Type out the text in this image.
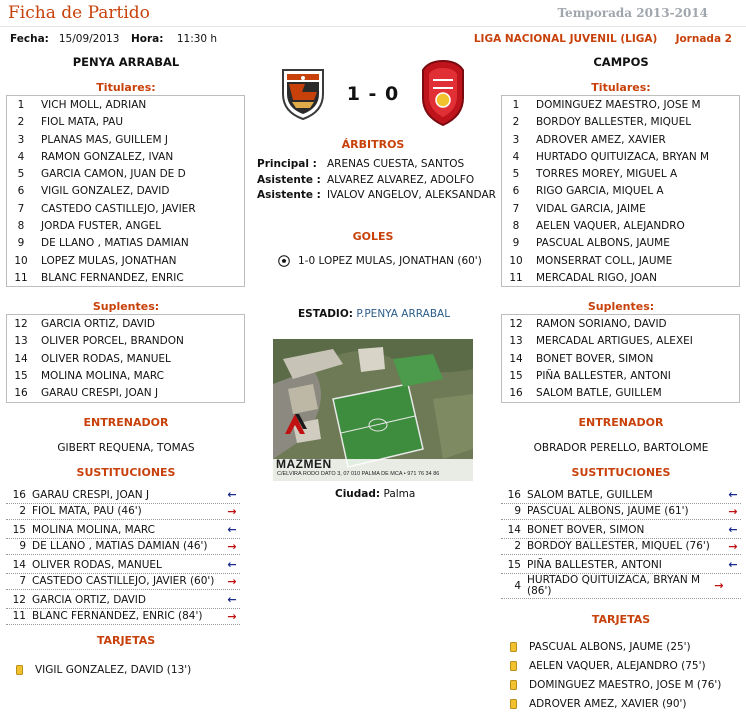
Ficha de Partido	Temporada 2013-2014
Fecha: 15/09/2013 Hora: 11:30 h	LIGA NACIONAL JUVENIL (LIGA) Jornada 2
PENYA ARRABAL	CAMPOS
1 - 0
Titulares:
1	VICH MOLL, ADRIAN
2	FIOL MATA, PAU
3	PLANAS MAS, GUILLEM J
4	RAMON GONZALEZ, IVAN
5	GARCIA CAMON, JUAN DE D
6	VIGIL GONZALEZ, DAVID
7	CASTEDO CASTILLEJO, JAVIER
8	JORDA FUSTER, ANGEL
9	DE LLANO , MATIAS DAMIAN
10	LOPEZ MULAS, JONATHAN
11	BLANC FERNANDEZ, ENRIC
Titulares:
1	DOMINGUEZ MAESTRO, JOSE M
2	BORDOY BALLESTER, MIQUEL
3	ADROVER AMEZ, XAVIER
4	HURTADO QUITUIZACA, BRYAN M
5	TORRES MOREY, MIGUEL A
6	RIGO GARCIA, MIQUEL A
7	VIDAL GARCIA, JAIME
8	AELEN VAQUER, ALEJANDRO
9	PASCUAL ALBONS, JAUME
10	MONSERRAT COLL, JAUME
11	MERCADAL RIGO, JOAN
ÁRBITROS
Principal : ARENAS CUESTA, SANTOS
Asistente : ALVAREZ ALVAREZ, ADOLFO
Asistente : IVALOV ANGELOV, ALEKSANDAR
GOLES
1-0 LOPEZ MULAS, JONATHAN (60')
Suplentes:
12	GARCIA ORTIZ, DAVID
13	OLIVER PORCEL, BRANDON
14	OLIVER RODAS, MANUEL
15	MOLINA MOLINA, MARC
16	GARAU CRESPI, JOAN J
Suplentes:
12	RAMON SORIANO, DAVID
13	MERCADAL ARTIGUES, ALEXEI
14	BONET BOVER, SIMON
15	PIÑA BALLESTER, ANTONI
16	SALOM BATLE, GUILLEM
ESTADIO: P.PENYA ARRABAL
MAZMEN
C/ELVIRA RODO DATO 3, 07 010 PALMA DE MCA • 971 76 34 86
Ciudad: Palma
ENTRENADOR
GIBERT REQUENA, TOMAS
ENTRENADOR
OBRADOR PERELLO, BARTOLOME
SUSTITUCIONES
16 GARAU CRESPI, JOAN J	←
2 FIOL MATA, PAU (46')	→
15 MOLINA MOLINA, MARC	←
9 DE LLANO , MATIAS DAMIAN (46')	→
14 OLIVER RODAS, MANUEL	←
7 CASTEDO CASTILLEJO, JAVIER (60')	→
12 GARCIA ORTIZ, DAVID	←
11 BLANC FERNANDEZ, ENRIC (84')	→
SUSTITUCIONES
16 SALOM BATLE, GUILLEM	←
9 PASCUAL ALBONS, JAUME (61')	→
14 BONET BOVER, SIMON	←
2 BORDOY BALLESTER, MIQUEL (76')	→
15 PIÑA BALLESTER, ANTONI	←
4 HURTADO QUITUIZACA, BRYAN M (86')	→
TARJETAS
VIGIL GONZALEZ, DAVID (13')
TARJETAS
PASCUAL ALBONS, JAUME (25')
AELEN VAQUER, ALEJANDRO (75')
DOMINGUEZ MAESTRO, JOSE M (76')
ADROVER AMEZ, XAVIER (90')
